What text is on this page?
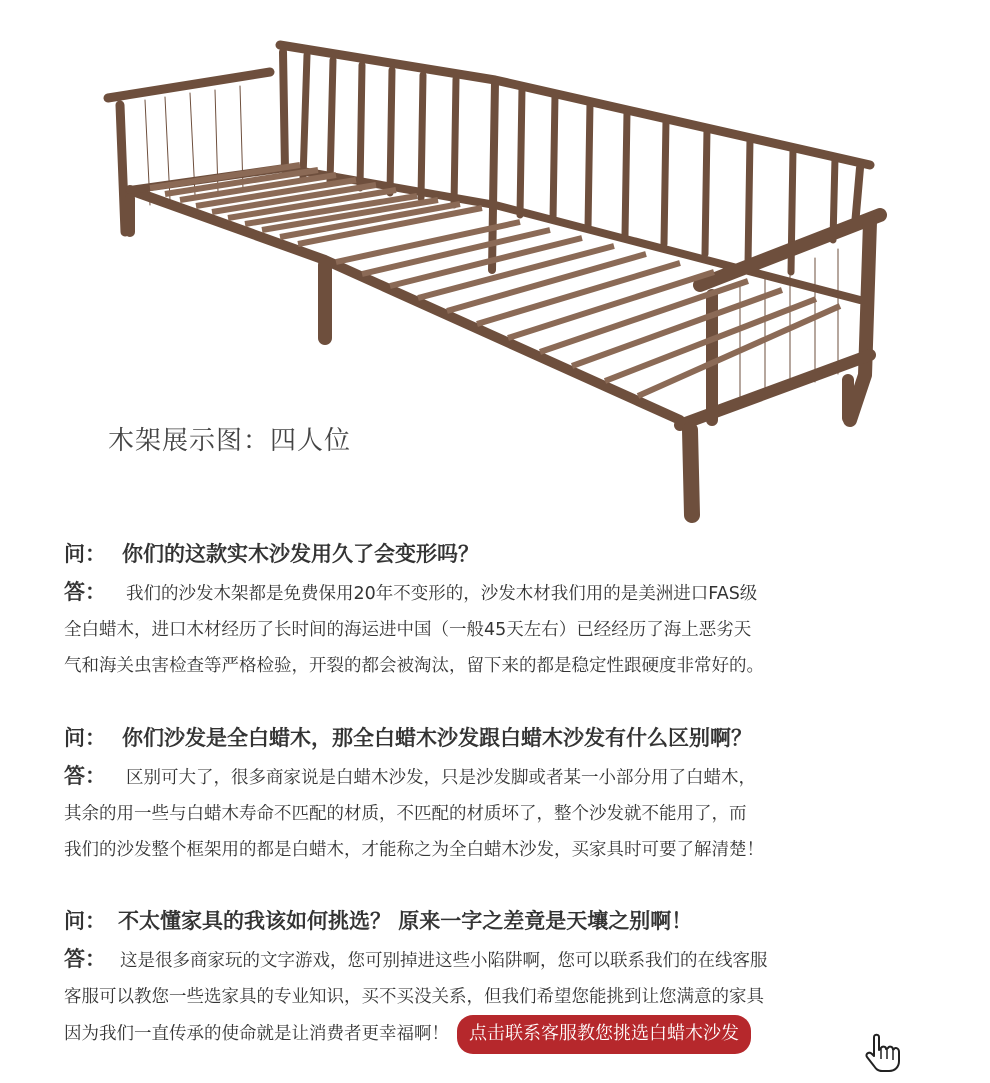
木架展示图：四人位
问： 你们的这款实木沙发用久了会变形吗？

答： 我们的沙发木架都是免费保用20年不变形的，沙发木材我们用的是美洲进口FAS级

全白蜡木，进口木材经历了长时间的海运进中国（一般45天左右）已经经历了海上恶劣天

气和海关虫害检查等严格检验，开裂的都会被淘汰，留下来的都是稳定性跟硬度非常好的。

问： 你们沙发是全白蜡木，那全白蜡木沙发跟白蜡木沙发有什么区别啊？

答： 区别可大了，很多商家说是白蜡木沙发，只是沙发脚或者某一小部分用了白蜡木，

其余的用一些与白蜡木寿命不匹配的材质，不匹配的材质坏了，整个沙发就不能用了，而

我们的沙发整个框架用的都是白蜡木，才能称之为全白蜡木沙发，买家具时可要了解清楚！

问： 不太懂家具的我该如何挑选？ 原来一字之差竟是天壤之别啊！

答： 这是很多商家玩的文字游戏，您可别掉进这些小陷阱啊，您可以联系我们的在线客服

客服可以教您一些选家具的专业知识，买不买没关系，但我们希望您能挑到让您满意的家具

因为我们一直传承的使命就是让消费者更幸福啊！ 点击联系客服教您挑选白蜡木沙发
